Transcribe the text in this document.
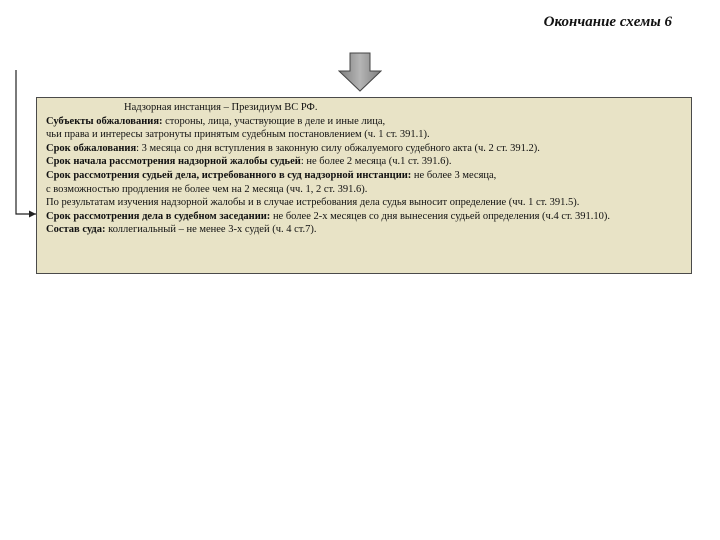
Окончание схемы 6
Надзорная инстанция – Президиум ВС РФ.
Субъекты обжалования: стороны, лица, участвующие в деле и иные лица,
чьи права и интересы затронуты принятым судебным постановлением (ч. 1 ст. 391.1).
Срок обжалования: 3 месяца со дня вступления в законную силу обжалуемого судебного акта (ч. 2 ст. 391.2).
Срок начала рассмотрения надзорной жалобы судьей: не более 2 месяца (ч.1 ст. 391.6).
Срок рассмотрения судьей дела, истребованного в суд надзорной инстанции: не более 3 месяца,
с возможностью продления не более чем на 2 месяца (чч. 1, 2 ст. 391.6).
По результатам изучения надзорной жалобы и в случае истребования дела судья выносит определение (чч. 1 ст. 391.5).
Срок рассмотрения дела в судебном заседании: не более 2-х месяцев со дня вынесения судьей определения (ч.4 ст. 391.10).
Состав суда: коллегиальный – не менее 3-х судей (ч. 4 ст.7).
